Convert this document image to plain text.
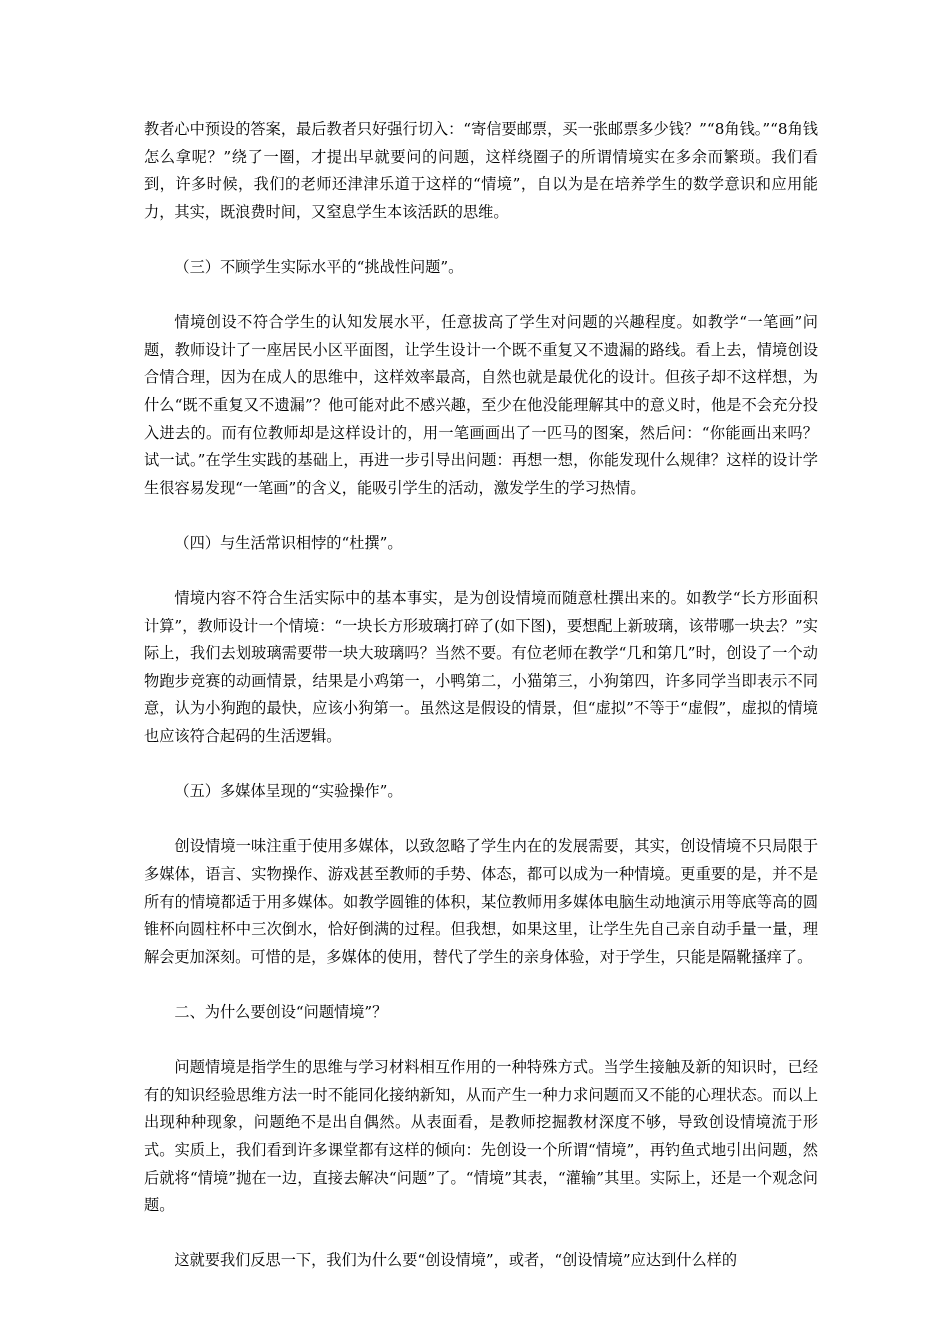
教者心中预设的答案，最后教者只好强行切入：“寄信要邮票，买一张邮票多少钱？”“8角钱。”“8角钱怎么拿呢？”绕了一圈，才提出早就要问的问题，这样绕圈子的所谓情境实在多余而繁琐。我们看到，许多时候，我们的老师还津津乐道于这样的“情境”，自以为是在培养学生的数学意识和应用能力，其实，既浪费时间，又窒息学生本该活跃的思维。

（三）不顾学生实际水平的“挑战性问题”。

情境创设不符合学生的认知发展水平，任意拔高了学生对问题的兴趣程度。如教学“一笔画”问题，教师设计了一座居民小区平面图，让学生设计一个既不重复又不遗漏的路线。看上去，情境创设合情合理，因为在成人的思维中，这样效率最高，自然也就是最优化的设计。但孩子却不这样想，为什么“既不重复又不遗漏”？他可能对此不感兴趣，至少在他没能理解其中的意义时，他是不会充分投入进去的。而有位教师却是这样设计的，用一笔画画出了一匹马的图案，然后问：“你能画出来吗？试一试。”在学生实践的基础上，再进一步引导出问题：再想一想，你能发现什么规律？这样的设计学生很容易发现“一笔画”的含义，能吸引学生的活动，激发学生的学习热情。

（四）与生活常识相悖的“杜撰”。

情境内容不符合生活实际中的基本事实，是为创设情境而随意杜撰出来的。如教学“长方形面积计算”，教师设计一个情境：“一块长方形玻璃打碎了(如下图)，要想配上新玻璃，该带哪一块去？”实际上，我们去划玻璃需要带一块大玻璃吗？当然不要。有位老师在教学“几和第几”时，创设了一个动物跑步竞赛的动画情景，结果是小鸡第一，小鸭第二，小猫第三，小狗第四，许多同学当即表示不同意，认为小狗跑的最快，应该小狗第一。虽然这是假设的情景，但“虚拟”不等于“虚假”，虚拟的情境也应该符合起码的生活逻辑。

（五）多媒体呈现的“实验操作”。

创设情境一味注重于使用多媒体，以致忽略了学生内在的发展需要，其实，创设情境不只局限于多媒体，语言、实物操作、游戏甚至教师的手势、体态，都可以成为一种情境。更重要的是，并不是所有的情境都适于用多媒体。如教学圆锥的体积，某位教师用多媒体电脑生动地演示用等底等高的圆锥杯向圆柱杯中三次倒水，恰好倒满的过程。但我想，如果这里，让学生先自己亲自动手量一量，理解会更加深刻。可惜的是，多媒体的使用，替代了学生的亲身体验，对于学生，只能是隔靴搔痒了。

二、为什么要创设“问题情境”？

问题情境是指学生的思维与学习材料相互作用的一种特殊方式。当学生接触及新的知识时，已经有的知识经验思维方法一时不能同化接纳新知，从而产生一种力求问题而又不能的心理状态。而以上出现种种现象，问题绝不是出自偶然。从表面看，是教师挖掘教材深度不够，导致创设情境流于形式。实质上，我们看到许多课堂都有这样的倾向：先创设一个所谓“情境”，再钓鱼式地引出问题，然后就将“情境”抛在一边，直接去解决“问题”了。“情境”其表，“灌输”其里。实际上，还是一个观念问题。

这就要我们反思一下，我们为什么要“创设情境”，或者，“创设情境”应达到什么样的
